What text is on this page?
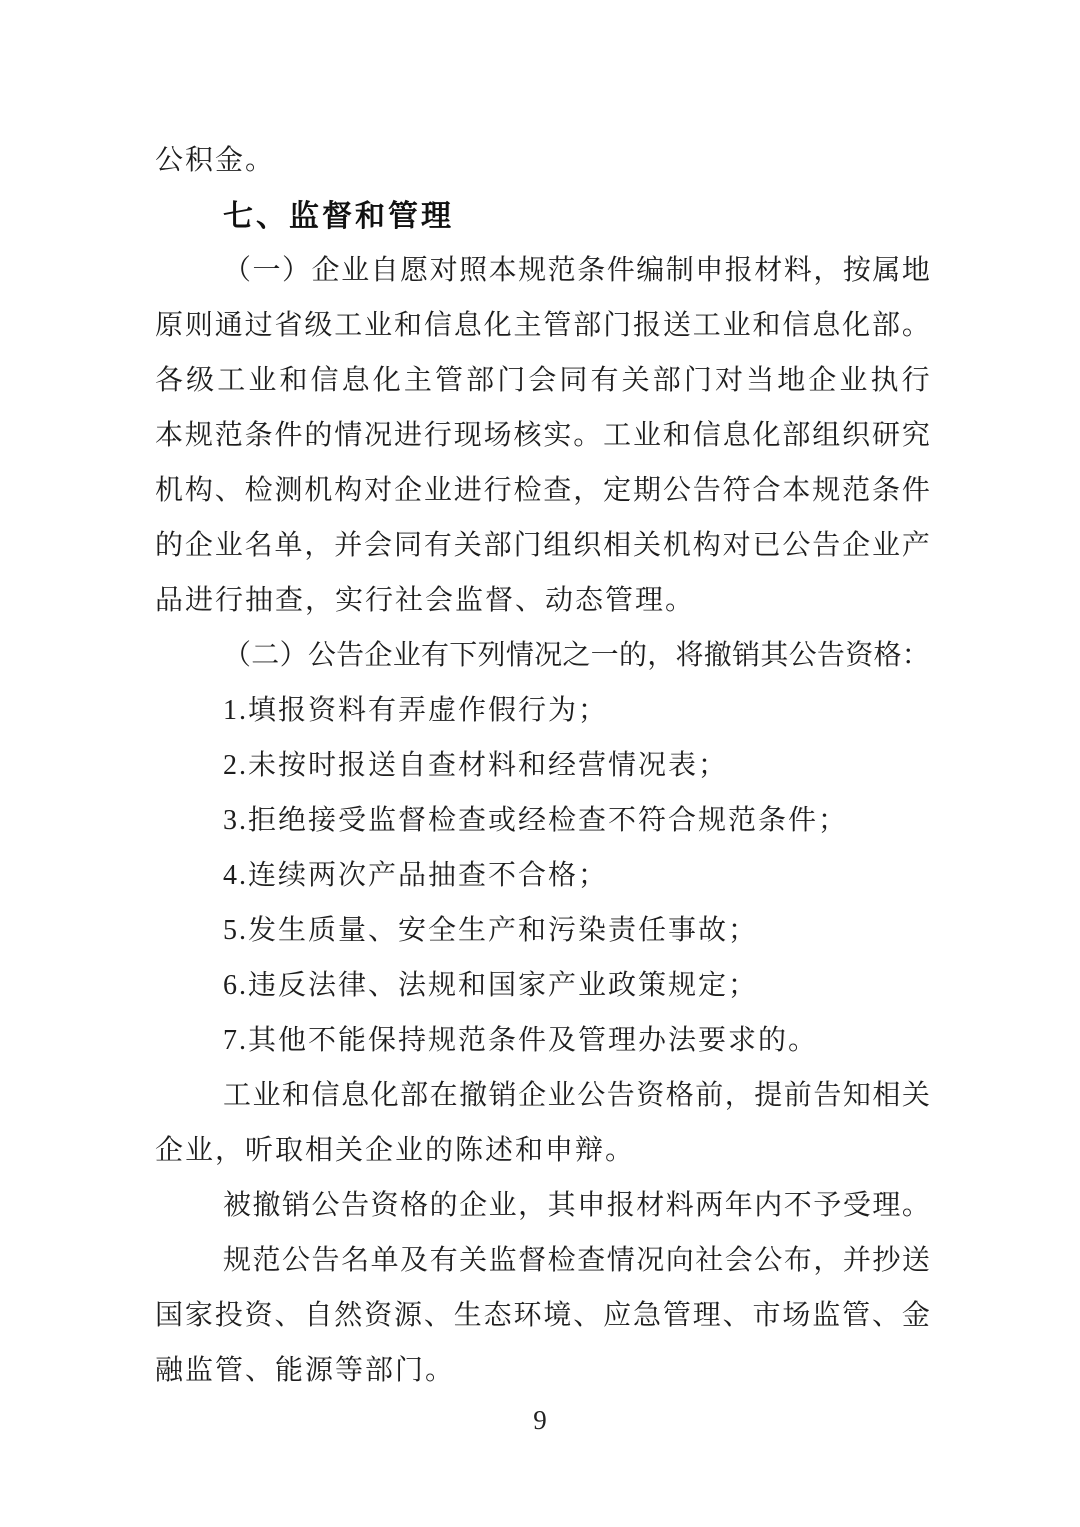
公积金。
七、监督和管理
（ 一 ） 企 业 自 愿 对 照 本 规 范 条 件 编 制 申 报 材 料 ， 按 属 地
原 则 通 过 省 级 工 业 和 信 息 化 主 管 部 门 报 送 工 业 和 信 息 化 部 。
各 级 工 业 和 信 息 化 主 管 部 门 会 同 有 关 部 门 对 当 地 企 业 执 行
本 规 范 条 件 的 情 况 进 行 现 场 核 实 。 工 业 和 信 息 化 部 组 织 研 究
机 构 、 检 测 机 构 对 企 业 进 行 检 查 ， 定 期 公 告 符 合 本 规 范 条 件
的 企 业 名 单 ， 并 会 同 有 关 部 门 组 织 相 关 机 构 对 已 公 告 企 业 产
品进行抽查，实行社会监督、动态管理。
（ 二 ） 公 告 企 业 有 下 列 情 况 之 一 的 ， 将 撤 销 其 公 告 资 格 ：
1.填报资料有弄虚作假行为；
2.未按时报送自查材料和经营情况表；
3.拒绝接受监督检查或经检查不符合规范条件；
4.连续两次产品抽查不合格；
5.发生质量、安全生产和污染责任事故；
6.违反法律、法规和国家产业政策规定；
7.其他不能保持规范条件及管理办法要求的。
工 业 和 信 息 化 部 在 撤 销 企 业 公 告 资 格 前 ， 提 前 告 知 相 关
企业，听取相关企业的陈述和申辩。
被 撤 销 公 告 资 格 的 企 业 ， 其 申 报 材 料 两 年 内 不 予 受 理 。
规 范 公 告 名 单 及 有 关 监 督 检 查 情 况 向 社 会 公 布 ， 并 抄 送
国 家 投 资 、 自 然 资 源 、 生 态 环 境 、 应 急 管 理 、 市 场 监 管 、 金
融监管、能源等部门。
9
